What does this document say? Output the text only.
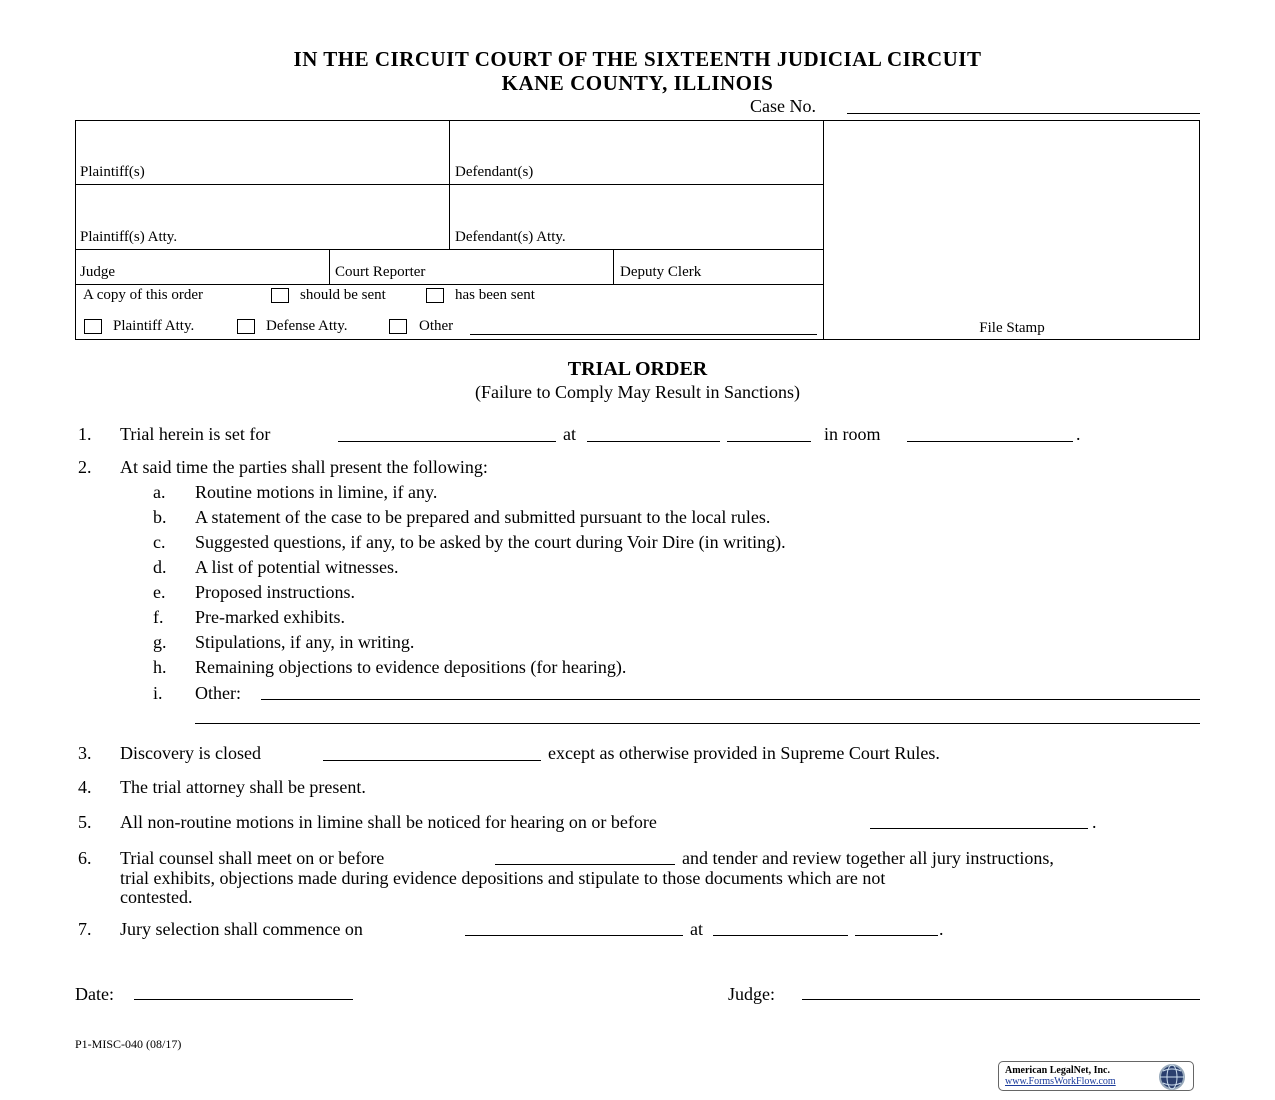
IN THE CIRCUIT COURT OF THE SIXTEENTH JUDICIAL CIRCUIT
KANE COUNTY, ILLINOIS
Case No.
Plaintiff(s)	Defendant(s)
Plaintiff(s) Atty.	Defendant(s) Atty.
Judge	Court Reporter	Deputy Clerk
A copy of this order	should be sent	has been sent
Plaintiff Atty.	Defense Atty.	Other	File Stamp
TRIAL ORDER
(Failure to Comply May Result in Sanctions)
1. Trial herein is set for	at	in room	.
2. At said time the parties shall present the following:
a. Routine motions in limine, if any.
b. A statement of the case to be prepared and submitted pursuant to the local rules.
c. Suggested questions, if any, to be asked by the court during Voir Dire (in writing).
d. A list of potential witnesses.
e. Proposed instructions.
f. Pre-marked exhibits.
g. Stipulations, if any, in writing.
h. Remaining objections to evidence depositions (for hearing).
i. Other:
3. Discovery is closed	except as otherwise provided in Supreme Court Rules.
4. The trial attorney shall be present.
5. All non-routine motions in limine shall be noticed for hearing on or before	.
6. Trial counsel shall meet on or before	and tender and review together all jury instructions,
trial exhibits, objections made during evidence depositions and stipulate to those documents which are not
contested.
7. Jury selection shall commence on	at	.
Date:	Judge:
P1-MISC-040 (08/17)
American LegalNet, Inc.
www.FormsWorkFlow.com
